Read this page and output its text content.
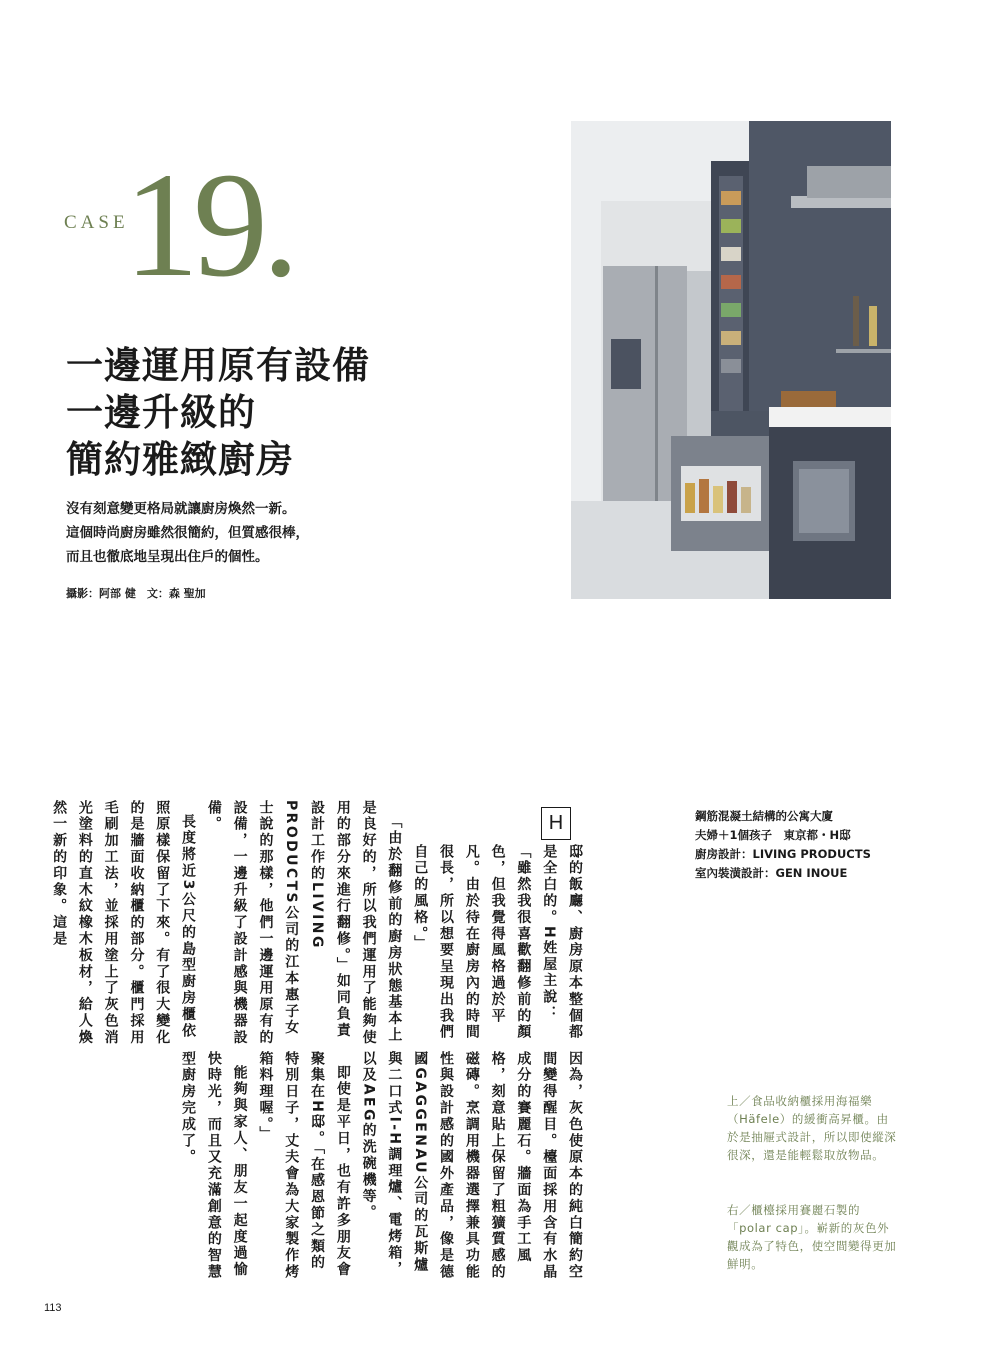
CASE
19.
一邊運用原有設備
一邊升級的
簡約雅緻廚房
沒有刻意變更格局就讓廚房煥然一新。
這個時尚廚房雖然很簡約，但質感很棒，
而且也徹底地呈現出住戶的個性。
攝影：阿部 健　文：森 聖加
H

邸的飯廳、廚房原本整個都是全白的。H姓屋主說：「雖然我很喜歡翻修前的顏色，但我覺得風格過於平凡。由於待在廚房內的時間很長，所以想要呈現出我們自己的風格。」

「由於翻修前的廚房狀態基本上是良好的，所以我們運用了能夠使用的部分來進行翻修。」如同負責設計工作的LIVING PRODUCTS公司的江本惠子女士說的那樣，他們一邊運用原有的設備，一邊升級了設計感與機器設備。

長度將近3公尺的島型廚房櫃依照原樣保留了下來。有了很大變化的是牆面收納櫃的部分。櫃門採用毛刷加工法，並採用塗上了灰色消光塗料的直木紋橡木板材，給人煥然一新的印象。這是

因為，灰色使原本的純白簡約空間變得醒目。檯面採用含有水晶成分的賽麗石。牆面為手工風格，刻意貼上保留了粗獷質感的磁磚。烹調用機器選擇兼具功能性與設計感的國外產品，像是德國GAGGENAU公司的瓦斯爐與二口式I-H調理爐、電烤箱，以及AEG的洗碗機等。

即使是平日，也有許多朋友會聚集在H邸。「在感恩節之類的特別日子，丈夫會為大家製作烤箱料理喔。」

能夠與家人、朋友一起度過愉快時光，而且又充滿創意的智慧型廚房完成了。

鋼筋混凝土結構的公寓大廈
夫婦＋1個孩子　東京都・H邸
廚房設計：LIVING PRODUCTS
室內裝潢設計：GEN INOUE
上／食品收納櫃採用海福樂（Häfele）的緩衝高昇櫃。由於是抽屜式設計，所以即使縱深很深，還是能輕鬆取放物品。
右／櫃檯採用賽麗石製的「polar cap」。嶄新的灰色外觀成為了特色，使空間變得更加鮮明。
113
